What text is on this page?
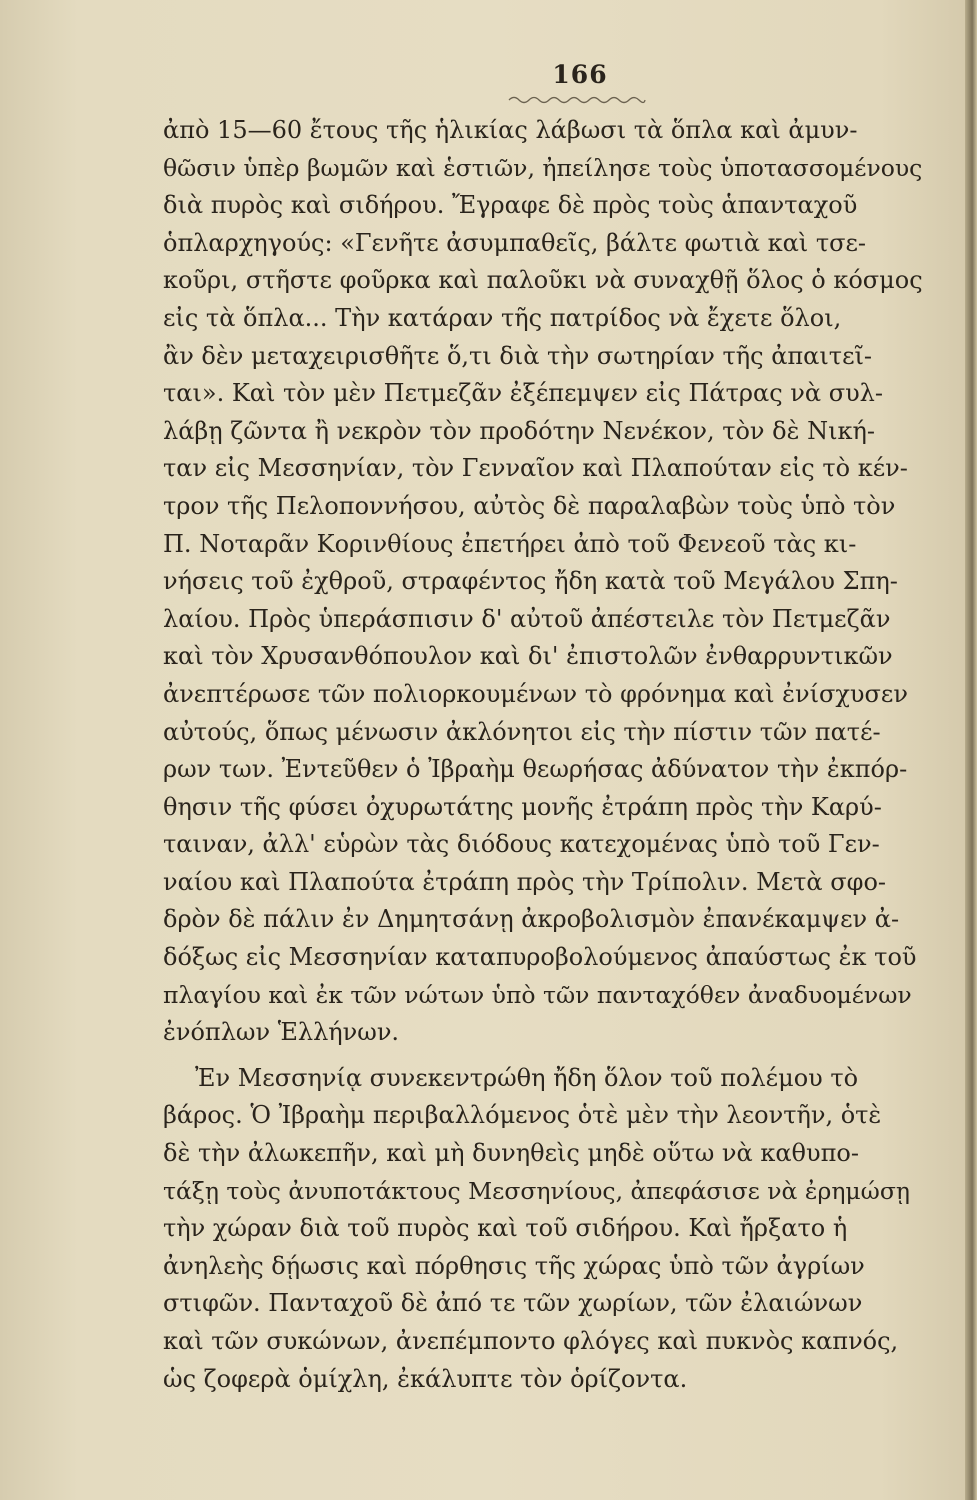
166
ἀπὸ 15—60 ἔτους τῆς ἡλικίας λάβωσι τὰ ὅπλα καὶ ἀμυν-
θῶσιν ὑπὲρ βωμῶν καὶ ἑστιῶν, ἠπείλησε τοὺς ὑποτασσομένους
διὰ πυρὸς καὶ σιδήρου. Ἔγραφε δὲ πρὸς τοὺς ἁπανταχοῦ
ὁπλαρχηγούς: «Γενῆτε ἀσυμπαθεῖς, βάλτε φωτιὰ καὶ τσε-
κοῦρι, στῆστε φοῦρκα καὶ παλοῦκι νὰ συναχθῇ ὅλος ὁ κόσμος
εἰς τὰ ὅπλα... Τὴν κατάραν τῆς πατρίδος νὰ ἔχετε ὅλοι,
ἂν δὲν μεταχειρισθῆτε ὅ,τι διὰ τὴν σωτηρίαν τῆς ἀπαιτεῖ-
ται». Καὶ τὸν μὲν Πετμεζᾶν ἐξέπεμψεν εἰς Πάτρας νὰ συλ-
λάβῃ ζῶντα ἢ νεκρὸν τὸν προδότην Νενέκον, τὸν δὲ Νική-
ταν εἰς Μεσσηνίαν, τὸν Γενναῖον καὶ Πλαπούταν εἰς τὸ κέν-
τρον τῆς Πελοποννήσου, αὐτὸς δὲ παραλαβὼν τοὺς ὑπὸ τὸν
Π. Νοταρᾶν Κορινθίους ἐπετήρει ἀπὸ τοῦ Φενεοῦ τὰς κι-
νήσεις τοῦ ἐχθροῦ, στραφέντος ἤδη κατὰ τοῦ Μεγάλου Σπη-
λαίου. Πρὸς ὑπεράσπισιν δ' αὐτοῦ ἀπέστειλε τὸν Πετμεζᾶν
καὶ τὸν Χρυσανθόπουλον καὶ δι' ἐπιστολῶν ἐνθαρρυντικῶν
ἀνεπτέρωσε τῶν πολιορκουμένων τὸ φρόνημα καὶ ἐνίσχυσεν
αὐτούς, ὅπως μένωσιν ἀκλόνητοι εἰς τὴν πίστιν τῶν πατέ-
ρων των. Ἐντεῦθεν ὁ Ἰβραὴμ θεωρήσας ἀδύνατον τὴν ἐκπόρ-
θησιν τῆς φύσει ὀχυρωτάτης μονῆς ἐτράπη πρὸς τὴν Καρύ-
ταιναν, ἀλλ' εὑρὼν τὰς διόδους κατεχομένας ὑπὸ τοῦ Γεν-
ναίου καὶ Πλαπούτα ἐτράπη πρὸς τὴν Τρίπολιν. Μετὰ σφο-
δρὸν δὲ πάλιν ἐν Δημητσάνῃ ἀκροβολισμὸν ἐπανέκαμψεν ἀ-
δόξως εἰς Μεσσηνίαν καταπυροβολούμενος ἀπαύστως ἐκ τοῦ
πλαγίου καὶ ἐκ τῶν νώτων ὑπὸ τῶν πανταχόθεν ἀναδυομένων
ἐνόπλων Ἑλλήνων.
Ἐν Μεσσηνίᾳ συνεκεντρώθη ἤδη ὅλον τοῦ πολέμου τὸ
βάρος. Ὁ Ἰβραὴμ περιβαλλόμενος ὁτὲ μὲν τὴν λεοντῆν, ὁτὲ
δὲ τὴν ἀλωκεπῆν, καὶ μὴ δυνηθεὶς μηδὲ οὕτω νὰ καθυπο-
τάξῃ τοὺς ἀνυποτάκτους Μεσσηνίους, ἀπεφάσισε νὰ ἐρημώσῃ
τὴν χώραν διὰ τοῦ πυρὸς καὶ τοῦ σιδήρου. Καὶ ἤρξατο ἡ
ἀνηλεὴς δῄωσις καὶ πόρθησις τῆς χώρας ὑπὸ τῶν ἀγρίων
στιφῶν. Πανταχοῦ δὲ ἀπό τε τῶν χωρίων, τῶν ἐλαιώνων
καὶ τῶν συκώνων, ἀνεπέμποντο φλόγες καὶ πυκνὸς καπνός,
ὡς ζοφερὰ ὁμίχλη, ἐκάλυπτε τὸν ὁρίζοντα.
